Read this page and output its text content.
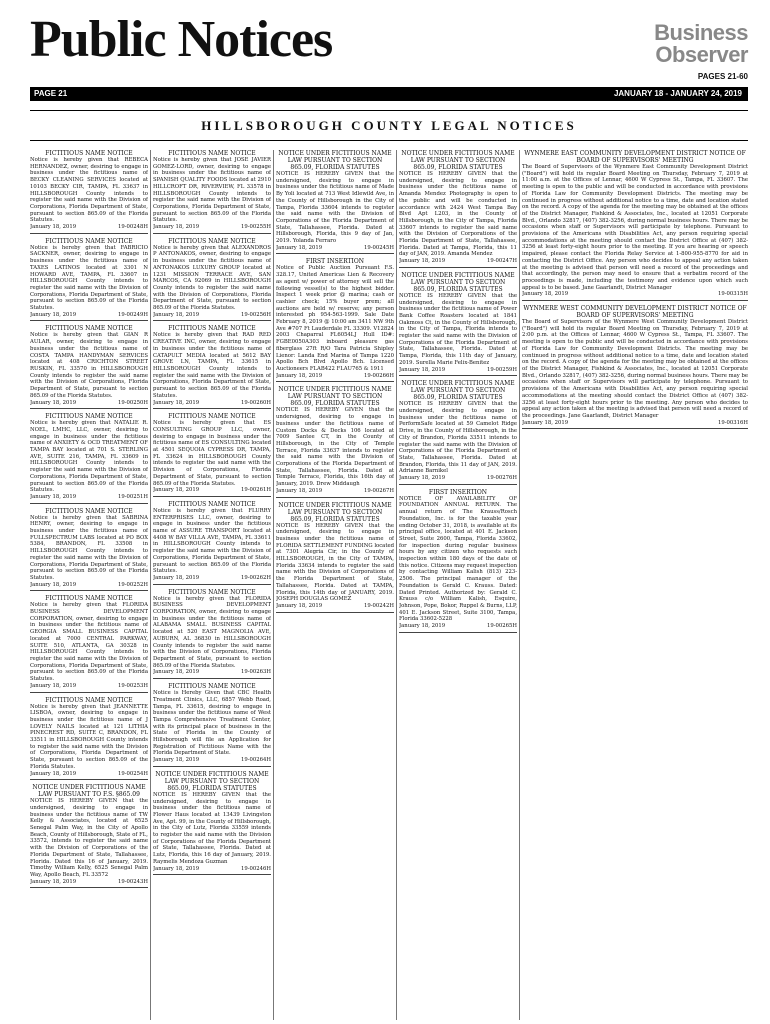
Public Notices	Business
Observer
PAGES 21-60
PAGE 21	JANUARY 18 - JANUARY 24, 2019
HILLSBOROUGH COUNTY LEGAL NOTICES

FICTITIOUS NAME NOTICE

Notice is hereby given that REBECA HERNANDEZ, owner, desiring to engage in business under the fictitious name of BECKY CLEANING SERVICES located at 10103 BECKY CIR, TAMPA, FL 33637 in HILLSBOROUGH County intends to register the said name with the Division of Corporations, Florida Department of State, pursuant to section 865.09 of the Florida Statutes.

January 18, 2019	19-00248H

FICTITIOUS NAME NOTICE

Notice is hereby given that FABRICIO SACKNER, owner, desiring to engage in business under the fictitious name of TAXES LATINOS located at 3301 N HOWARD AVE, TAMPA, FL 33607 in HILLSBOROUGH County intends to register the said name with the Division of Corporations, Florida Department of State, pursuant to section 865.09 of the Florida Statutes.

January 18, 2019	19-00249H

FICTITIOUS NAME NOTICE

Notice is hereby given that GIAN R AULAR, owner, desiring to engage in business under the fictitious name of COSTA TAMPA HANDYMAN SERVICES located at 408 CRICHTON STREET RUSKIN, FL 33570 in HILLSBOROUGH County intends to register the said name with the Division of Corporations, Florida Department of State, pursuant to section 865.09 of the Florida Statutes.

January 18, 2019	19-00250H

FICTITIOUS NAME NOTICE

Notice is hereby given that NATALIE R. NOEL, LMHC, LLC, owner, desiring to engage in business under the fictitious name of ANXIETY & OCD TREATMENT OF TAMPA BAY located at 701 S. STERLING AVE, SUITE 216, TAMPA, FL 33609 in HILLSBOROUGH County intends to register the said name with the Division of Corporations, Florida Department of State, pursuant to section 865.09 of the Florida Statutes.

January 18, 2019	19-00251H

FICTITIOUS NAME NOTICE

Notice is hereby given that SABRINA HENRY, owner, desiring to engage in business under the fictitious name of FULLSPECTRUM LABS located at PO BOX 5384, BRANDON, FL 33508 in HILLSBOROUGH County intends to register the said name with the Division of Corporations, Florida Department of State, pursuant to section 865.09 of the Florida Statutes.

January 18, 2019	19-00252H

FICTITIOUS NAME NOTICE

Notice is hereby given that FLORIDA BUSINESS DEVELOPMENT CORPORATION, owner, desiring to engage in business under the fictitious name of GEORGIA SMALL BUSINESS CAPITAL located at 7000 CENTRAL PARKWAY, SUITE 510, ATLANTA, GA 30328 in HILLSBOROUGH County intends to register the said name with the Division of Corporations, Florida Department of State, pursuant to section 865.09 of the Florida Statutes.

January 18, 2019	19-00253H

FICTITIOUS NAME NOTICE

Notice is hereby given that JEANNETTE LISBOA, owner, desiring to engage in business under the fictitious name of J LOVELY NAILS located at 121 LITHIA PINECREST RD, SUITE C, BRANDON, FL 33511 in HILLSBOROUGH County intends to register the said name with the Division of Corporations, Florida Department of State, pursuant to section 865.09 of the Florida Statutes.

January 18, 2019	19-00254H

NOTICE UNDER FICTITIOUS NAME LAW PURSUANT TO F.S. §865.09

NOTICE IS HEREBY GIVEN that the undersigned, desiring to engage in business under the fictitious name of TW Kelly & Associates, located at 6525 Senegal Palm Way, in the City of Apollo Beach, County of Hillsborough, State of FL, 33572, intends to register the said name with the Division of Corporations of the Florida Department of State, Tallahassee, Florida. Dated this 16 of January, 2019. Timothy William Kelly, 6525 Senegal Palm Way, Apollo Beach, FL 33572

January 18, 2019	19-00243H

FICTITIOUS NAME NOTICE

Notice is hereby given that JOSE JAVIER GOMEZ-LORD, owner, desiring to engage in business under the fictitious name of SPANISH QUALITY FOODS located at 2910 HILLCROFT DR, RIVERVIEW, FL 33578 in HILLSBOROUGH County intends to register the said name with the Division of Corporations, Florida Department of State, pursuant to section 865.09 of the Florida Statutes.

January 18, 2019	19-00255H

FICTITIOUS NAME NOTICE

Notice is hereby given that ALEXANDROS P ANTONAKOS, owner, desiring to engage in business under the fictitious name of ANTONAKOS LUXURY GROUP located at 1231 MISSION TERRACE AVE, SAN MARCOS, CA 92069 in HILLSBOROUGH County intends to register the said name with the Division of Corporations, Florida Department of State, pursuant to section 865.09 of the Florida Statutes.

January 18, 2019	19-00256H

FICTITIOUS NAME NOTICE

Notice is hereby given that RAD RED CREATIVE INC, owner, desiring to engage in business under the fictitious name of CATAPULT MEDIA located at 5612 BAY GROVE LN, TAMPA, FL 33615 in HILLSBOROUGH County intends to register the said name with the Division of Corporations, Florida Department of State, pursuant to section 865.09 of the Florida Statutes.

January 18, 2019	19-00260H

FICTITIOUS NAME NOTICE

Notice is hereby given that ES CONSULTING GROUP LLC, owner, desiring to engage in business under the fictitious name of ES CONSULTING located at 4501 SEQUOIA CYPRESS DR, TAMPA, FL 33624 in HILLSBOROUGH County intends to register the said name with the Division of Corporations, Florida Department of State, pursuant to section 865.09 of the Florida Statutes.

January 18, 2019	19-00261H

FICTITIOUS NAME NOTICE

Notice is hereby given that FLURRY ENTERPRISES LLC, owner, desiring to engage in business under the fictitious name of ASSURE TRANSPORT located at 4408 W BAY VILLA AVE, TAMPA, FL 33611 in HILLSBOROUGH County intends to register the said name with the Division of Corporations, Florida Department of State, pursuant to section 865.09 of the Florida Statutes.

January 18, 2019	19-00262H

FICTITIOUS NAME NOTICE

Notice is hereby given that FLORIDA BUSINESS DEVELOPMENT CORPORATION, owner, desiring to engage in business under the fictitious name of ALABAMA SMALL BUSINESS CAPITAL located at 520 EAST MAGNOLIA AVE, AUBURN, AL 36830 in HILLSBOROUGH County intends to register the said name with the Division of Corporations, Florida Department of State, pursuant to section 865.09 of the Florida Statutes.

January 18, 2019	19-00263H

FICTITIOUS NAME NOTICE

Notice is Hereby Given that CBC Health Treatment Clinics, LLC, 6857 Webb Road, Tampa, FL 33615, desiring to engage in business under the fictitious name of West Tampa Comprehensive Treatment Center, with its principal place of business in the State of Florida in the County of Hillsborough will file an Application for Registration of Fictitious Name with the Florida Department of State.

January 18, 2019	19-00264H

NOTICE UNDER FICTITIOUS NAME LAW PURSUANT TO SECTION 865.09, FLORIDA STATUTES

NOTICE IS HEREBY GIVEN that the undersigned, desiring to engage in business under the fictitious name of Flower Haus located at 13439 Livingston Ave, Apt. 99, in the County of Hillsborough, in the City of Lutz, Florida 33559 intends to register the said name with the Division of Corporations of the Florida Department of State, Tallahassee, Florida. Dated at Lutz, Florida, this 16 day of January, 2019. Raymelis Mendoza Guzman

January 18, 2019	19-00246H

NOTICE UNDER FICTITIOUS NAME LAW PURSUANT TO SECTION 865.09, FLORIDA STATUTES

NOTICE IS HEREBY GIVEN that the undersigned, desiring to engage in business under the fictitious name of Made By Yoli located at 713 West Idlewild Ave, in the County of Hillsborough in the City of Tampa, Florida 33604 intends to register the said name with the Division of Corporations of the Florida Department of State, Tallahassee, Florida. Dated at Hillsborough, Florida, this 9 day of Jan, 2019. Yolanda Ferraro

January 18, 2019	19-00245H

FIRST INSERTION

Notice of Public Auction Pursuant F.S. 328.17, United Americas Lien & Recovery as agent w/ power of attorney will sell the following vessel(s) to the highest bidder. Inspect 1 week prior @ marina; cash or cashier check; 15% buyer prem; all auctions are held w/ reserve; any person interested ph 954-563-1999. Sale Date February 8, 2019 @ 10:00 am 3411 NW 9th Ave #707 Ft Lauderdale FL 33309. V12824 2003 Chaparral FL6054LJ Hull ID#: FGBE0050A303 inboard pleasure gas fiberglass 27ft R/O Tara Patricia Shipley Lienor: Landa End Marina of Tampa 1220 Apollo Bch Blvd Apollo Bch. Licensed Auctioneers FLAB422 FLAU765 & 1911

January 18, 2019	19-00266H

NOTICE UNDER FICTITIOUS NAME LAW PURSUANT TO SECTION 865.09, FLORIDA STATUTES

NOTICE IS HEREBY GIVEN that the undersigned, desiring to engage in business under the fictitious name of Custom Docks & Decks 106 located at 7009 Santee CT, in the County of Hillsborough, in the City of Temple Terrace, Florida 33637 intends to register the said name with the Division of Corporations of the Florida Department of State, Tallahassee, Florida. Dated at Temple Terrace, Florida, this 16th day of January, 2019. Drew Middaugh

January 18, 2019	19-00267H

NOTICE UNDER FICTITIOUS NAME LAW PURSUANT TO SECTION 865.09, FLORIDA STATUTES

NOTICE IS HEREBY GIVEN that the undersigned, desiring to engage in business under the fictitious name of FLORIDA SETTLEMENT FUNDING located at 7301 Alegria Cir, in the County of HILLSBOROUGH, in the City of TAMPA, Florida 33634 intends to register the said name with the Division of Corporations of the Florida Department of State, Tallahassee, Florida. Dated at TAMPA, Florida, this 14th day of JANUARY, 2019. JOSEPH DOUGLAS GOMEZ

January 18, 2019	19-00242H

NOTICE UNDER FICTITIOUS NAME LAW PURSUANT TO SECTION 865.09, FLORIDA STATUTES

NOTICE IS HEREBY GIVEN that the undersigned, desiring to engage in business under the fictitious name of Amanda Mendez Photography is open to the public and will be conducted in accordance with 2424 West Tampa Bay Blvd Apt L203, in the County of Hillsborough, in the City of Tampa, Florida 33607 intends to register the said name with the Division of Corporations of the Florida Department of State, Tallahassee, Florida. Dated at Tampa, Florida, this 11 day of JAN, 2019. Amanda Mendez

January 18, 2019	19-00247H

NOTICE UNDER FICTITIOUS NAME LAW PURSUANT TO SECTION 865.09, FLORIDA STATUTES

NOTICE IS HEREBY GIVEN that the undersigned, desiring to engage in business under the fictitious name of Power Bank Coffee Roasters located at 1841 Oakmoss Ct, in the County of Hillsborough, in the City of Tampa, Florida intends to register the said name with the Division of Corporations of the Florida Department of State, Tallahassee, Florida. Dated at Tampa, Florida, this 11th day of January, 2019. Surella Marie Felix-Benitez

January 18, 2019	19-00259H

NOTICE UNDER FICTITIOUS NAME LAW PURSUANT TO SECTION 865.09, FLORIDA STATUTES

NOTICE IS HEREBY GIVEN that the undersigned, desiring to engage in business under the fictitious name of PerformSafe located at 59 Camelot Ridge Drive, in the County of Hillsborough, in the City of Brandon, Florida 33511 intends to register the said name with the Division of Corporations of the Florida Department of State, Tallahassee, Florida. Dated at Brandon, Florida, this 11 day of JAN, 2019. Adrianne Barnikel

January 18, 2019	19-00276H

FIRST INSERTION

NOTICE OF AVAILABILITY OF FOUNDATION ANNUAL RETURN. The annual return of The Krauss/Rosch Foundation, Inc. is for the taxable year ending October 31, 2018, is available at its principal office, located at 401 E. Jackson Street, Suite 2600, Tampa, Florida 33602, for inspection during regular business hours by any citizen who requests such inspection within 180 days of the date of this notice. Citizens may request inspection by contacting William Kalish (813) 223-2506. The principal manager of the Foundation is Gerald C. Krauss. Dated: Dated Printed. Authorized by: Gerald C. Krauss c/o William Kalish, Esquire, Johnson, Pope, Bokor, Ruppel & Burns, LLP, 401 E. Jackson Street, Suite 3100, Tampa, Florida 33602-5228

January 18, 2019	19-00265H

WYNMERE EAST COMMUNITY DEVELOPMENT DISTRICT NOTICE OF BOARD OF SUPERVISORS' MEETING

The Board of Supervisors of the Wynmere East Community Development District ("Board") will hold its regular Board Meeting on Thursday, February 7, 2019 at 11:00 a.m. at the Offices of Lennar, 4600 W Cypress St., Tampa, FL 33607. The meeting is open to the public and will be conducted in accordance with provisions of Florida Law for Community Development Districts. The meeting may be continued in progress without additional notice to a time, date and location stated on the record. A copy of the agenda for the meeting may be obtained at the offices of the District Manager, Fishkind & Associates, Inc., located at 12051 Corporate Blvd., Orlando 32817, (407) 382-3256, during normal business hours. There may be occasions when staff or Supervisors will participate by telephone. Pursuant to provisions of the Americans with Disabilities Act, any person requiring special accommodations at the meeting should contact the District Office at (407) 382-3256 at least forty-eight hours prior to the meeting. If you are hearing or speech impaired, please contact the Florida Relay Service at 1-800-955-8770 for aid in contacting the District Office. Any person who decides to appeal any action taken at the meeting is advised that person will need a record of the proceedings and that accordingly, the person may need to ensure that a verbatim record of the proceedings is made, including the testimony and evidence upon which such appeal is to be based. Jane Gaarlandt, District Manager

January 18, 2019	19-00315H

WYNMERE WEST COMMUNITY DEVELOPMENT DISTRICT NOTICE OF BOARD OF SUPERVISORS' MEETING

The Board of Supervisors of the Wynmere West Community Development District ("Board") will hold its regular Board Meeting on Thursday, February 7, 2019 at 2:00 p.m. at the Offices of Lennar, 4600 W Cypress St., Tampa, FL 33607. The meeting is open to the public and will be conducted in accordance with provisions of Florida Law for Community Development Districts. The meeting may be continued in progress without additional notice to a time, date and location stated on the record. A copy of the agenda for the meeting may be obtained at the offices of the District Manager, Fishkind & Associates, Inc., located at 12051 Corporate Blvd., Orlando 32817, (407) 382-3256, during normal business hours. There may be occasions when staff or Supervisors will participate by telephone. Pursuant to provisions of the Americans with Disabilities Act, any person requiring special accommodations at the meeting should contact the District Office at (407) 382-3256 at least forty-eight hours prior to the meeting. Any person who decides to appeal any action taken at the meeting is advised that person will need a record of the proceedings. Jane Gaarlandt, District Manager

January 18, 2019	19-00316H
